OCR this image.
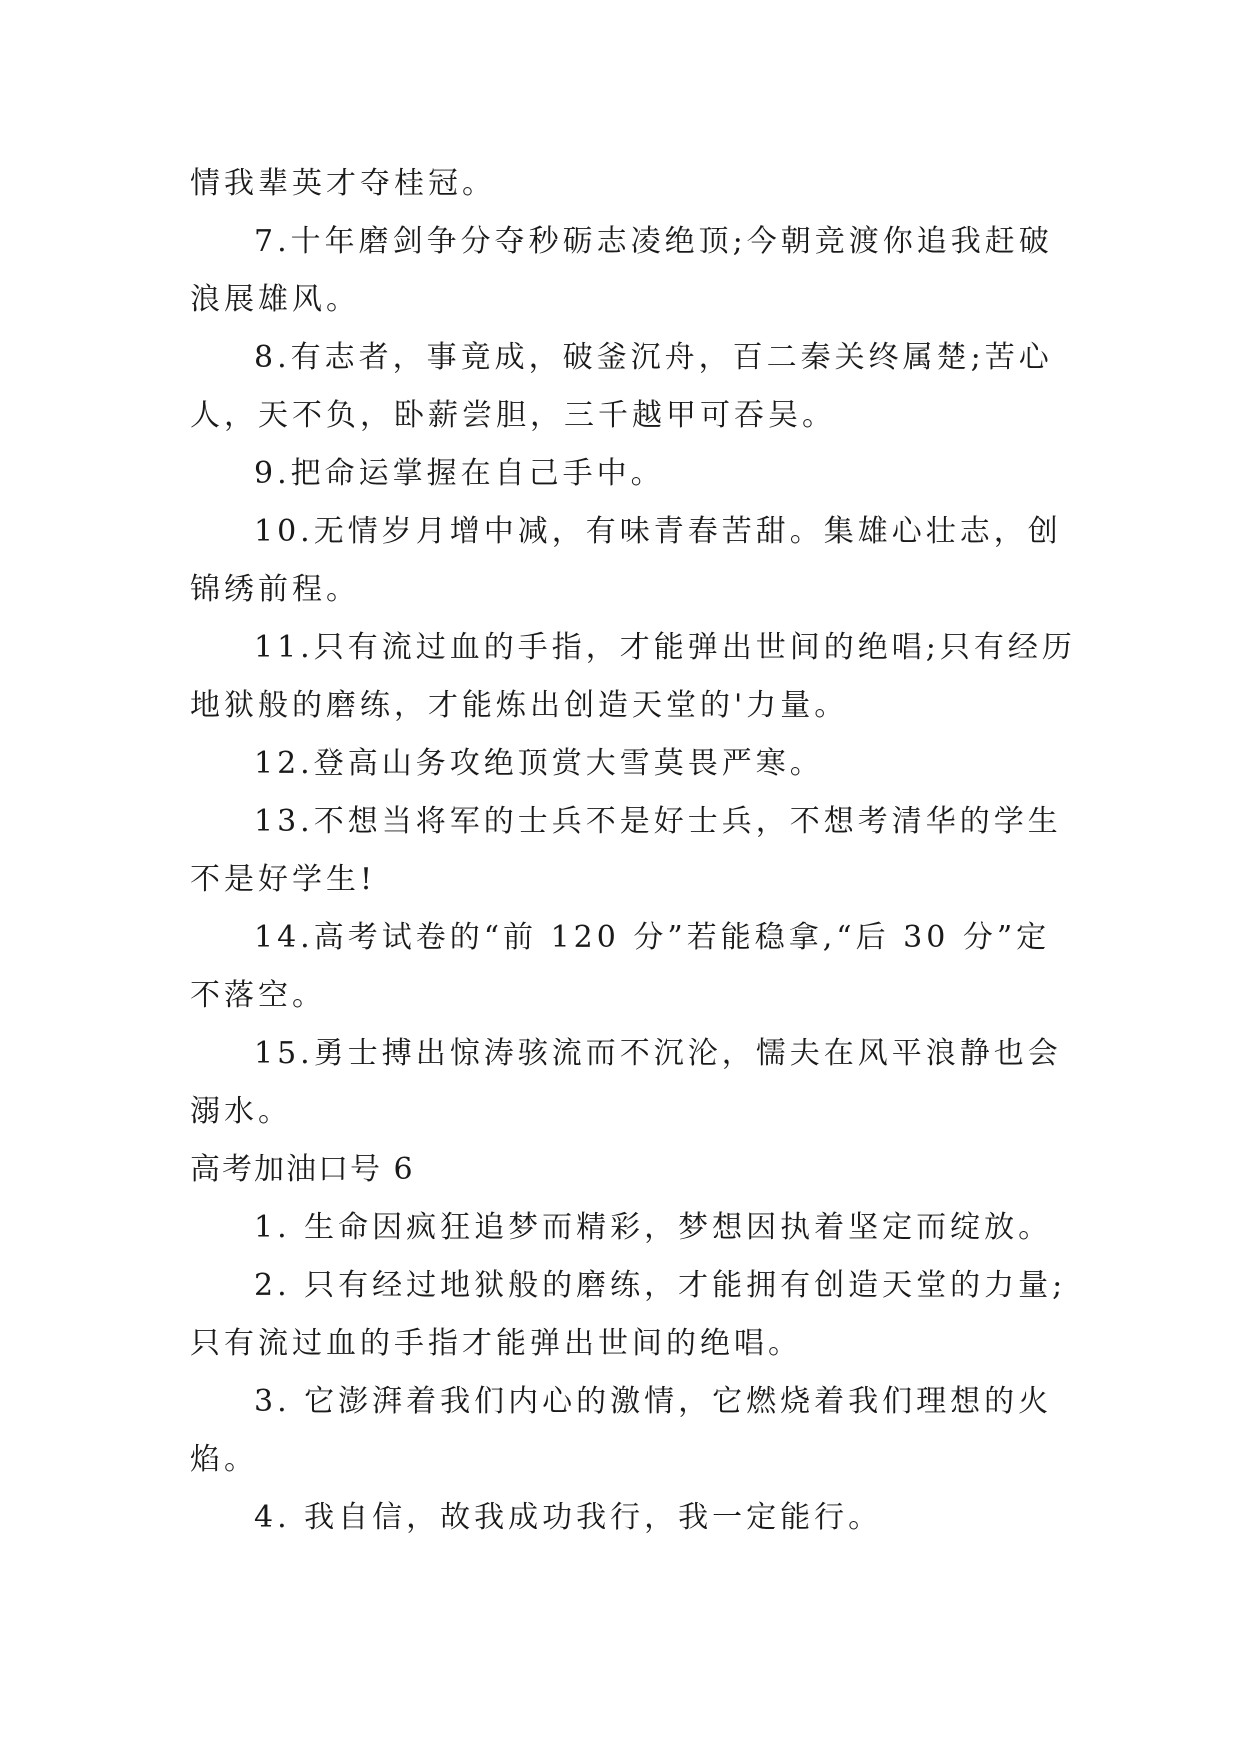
情我辈英才夺桂冠。
7.十年磨剑争分夺秒砺志凌绝顶;今朝竞渡你追我赶破
浪展雄风。
8.有志者，事竟成，破釜沉舟，百二秦关终属楚;苦心
人，天不负，卧薪尝胆，三千越甲可吞吴。
9.把命运掌握在自己手中。
10.无情岁月增中减，有味青春苦甜。集雄心壮志，创
锦绣前程。
11.只有流过血的手指，才能弹出世间的绝唱;只有经历
地狱般的磨练，才能炼出创造天堂的'力量。
12.登高山务攻绝顶赏大雪莫畏严寒。
13.不想当将军的士兵不是好士兵，不想考清华的学生
不是好学生!
14.高考试卷的“前 120 分”若能稳拿,“后 30 分”定
不落空。
15.勇士搏出惊涛骇流而不沉沦，懦夫在风平浪静也会
溺水。
高考加油口号 6
1. 生命因疯狂追梦而精彩，梦想因执着坚定而绽放。
2. 只有经过地狱般的磨练，才能拥有创造天堂的力量;
只有流过血的手指才能弹出世间的绝唱。
3. 它澎湃着我们内心的激情，它燃烧着我们理想的火
焰。
4. 我自信，故我成功我行，我一定能行。
